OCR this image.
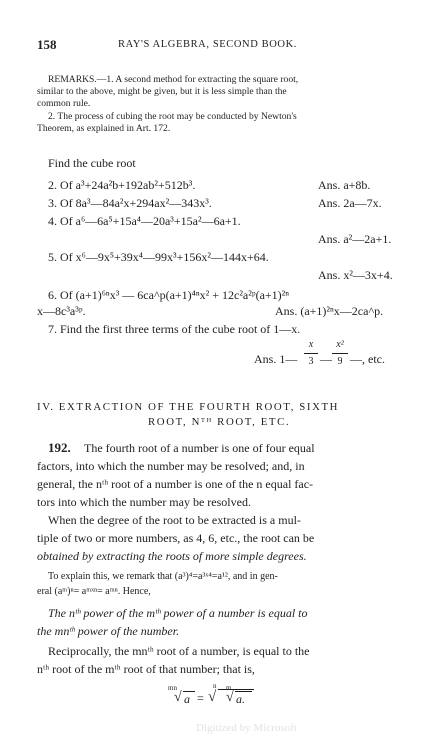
158	RAY'S ALGEBRA, SECOND BOOK.
REMARKS.—1. A second method for extracting the square root,
similar to the above, might be given, but it is less simple than the
common rule.
2. The process of cubing the root may be conducted by Newton's
Theorem, as explained in Art. 172.
Find the cube root
2. Of a³+24a²b+192ab²+512b³.	Ans. a+8b.
3. Of 8a³—84a²x+294ax²—343x³.	Ans. 2a—7x.
4. Of a⁶—6a⁵+15a⁴—20a³+15a²—6a+1.
Ans. a²—2a+1.
5. Of x⁶—9x⁵+39x⁴—99x³+156x²—144x+64.
Ans. x²—3x+4.
6. Of (a+1)⁶ⁿx³ — 6ca^p(a+1)⁴ⁿx² + 12c²a²ᵖ(a+1)²ⁿ
x—8c³a³ᵖ.	Ans. (a+1)²ⁿx—2ca^p.
7. Find the first three terms of the cube root of 1—x.
Ans. 1—
x
3 —
x²
9 —, etc.
IV. EXTRACTION OF THE FOURTH ROOT, SIXTH
ROOT, Nᵀᴴ ROOT, ETC.
192. The fourth root of a number is one of four equal
factors, into which the number may be resolved; and, in
general, the nᵗʰ root of a number is one of the n equal fac-
tors into which the number may be resolved.
When the degree of the root to be extracted is a mul-
tiple of two or more numbers, as 4, 6, etc., the root can be
obtained by extracting the roots of more simple degrees.
To explain this, we remark that (a³)⁴=a³ˣ⁴=a¹², and in gen-
eral (aᵐ)ⁿ= aᵐˣⁿ= aᵐⁿ. Hence,
The nᵗʰ power of the mᵗʰ power of a number is equal to
the mnᵗʰ power of the number.
Reciprocally, the mnᵗʰ root of a number, is equal to the
nᵗʰ root of the mᵗʰ root of that number; that is,
mn
√ a =
n
√
m
√ a.
Digitized by Microsoft
